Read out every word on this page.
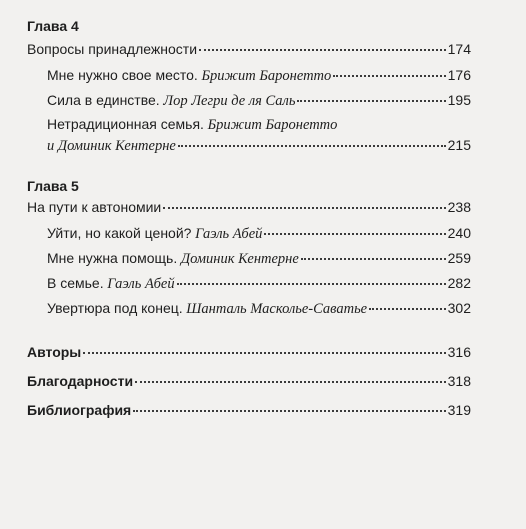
Глава 4
Вопросы принадлежности	174
Мне нужно свое место. Брижит Баронетто	176
Сила в единстве. Лор Легри де ля Саль	195
Нетрадиционная семья. Брижит Баронетто
и Доминик Кентерне	215
Глава 5
На пути к автономии	238
Уйти, но какой ценой? Гаэль Абей	240
Мне нужна помощь. Доминик Кентерне	259
В семье. Гаэль Абей	282
Увертюра под конец. Шанталь Масколье-Саватье	302
Авторы	316
Благодарности	318
Библиография	319
